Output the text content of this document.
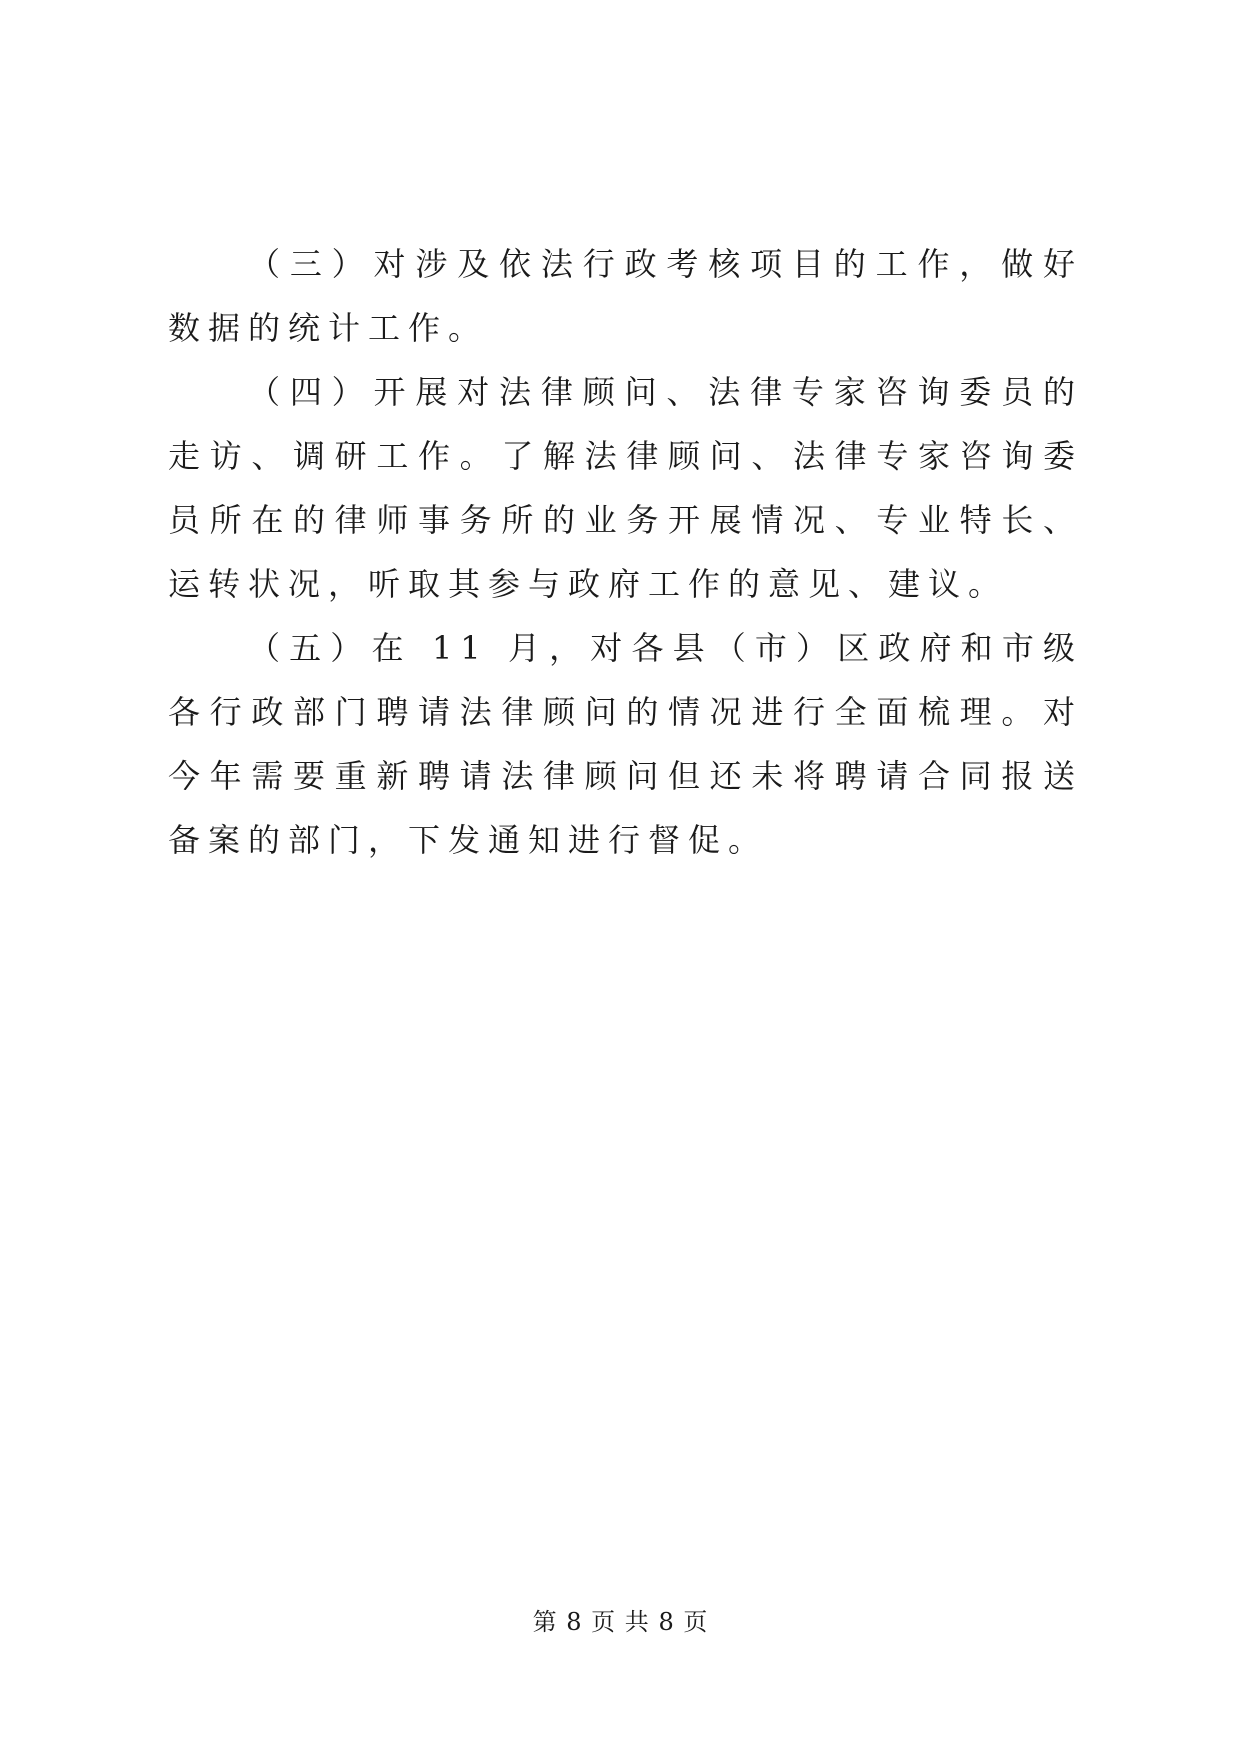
（三）对涉及依法行政考核项目的工作，做好数据的统计工作。

（四）开展对法律顾问、法律专家咨询委员的走访、调研工作。了解法律顾问、法律专家咨询委员所在的律师事务所的业务开展情况、专业特长、运转状况，听取其参与政府工作的意见、建议。

（五）在 11 月，对各县（市）区政府和市级各行政部门聘请法律顾问的情况进行全面梳理。对今年需要重新聘请法律顾问但还未将聘请合同报送备案的部门，下发通知进行督促。

第 8 页 共 8 页
